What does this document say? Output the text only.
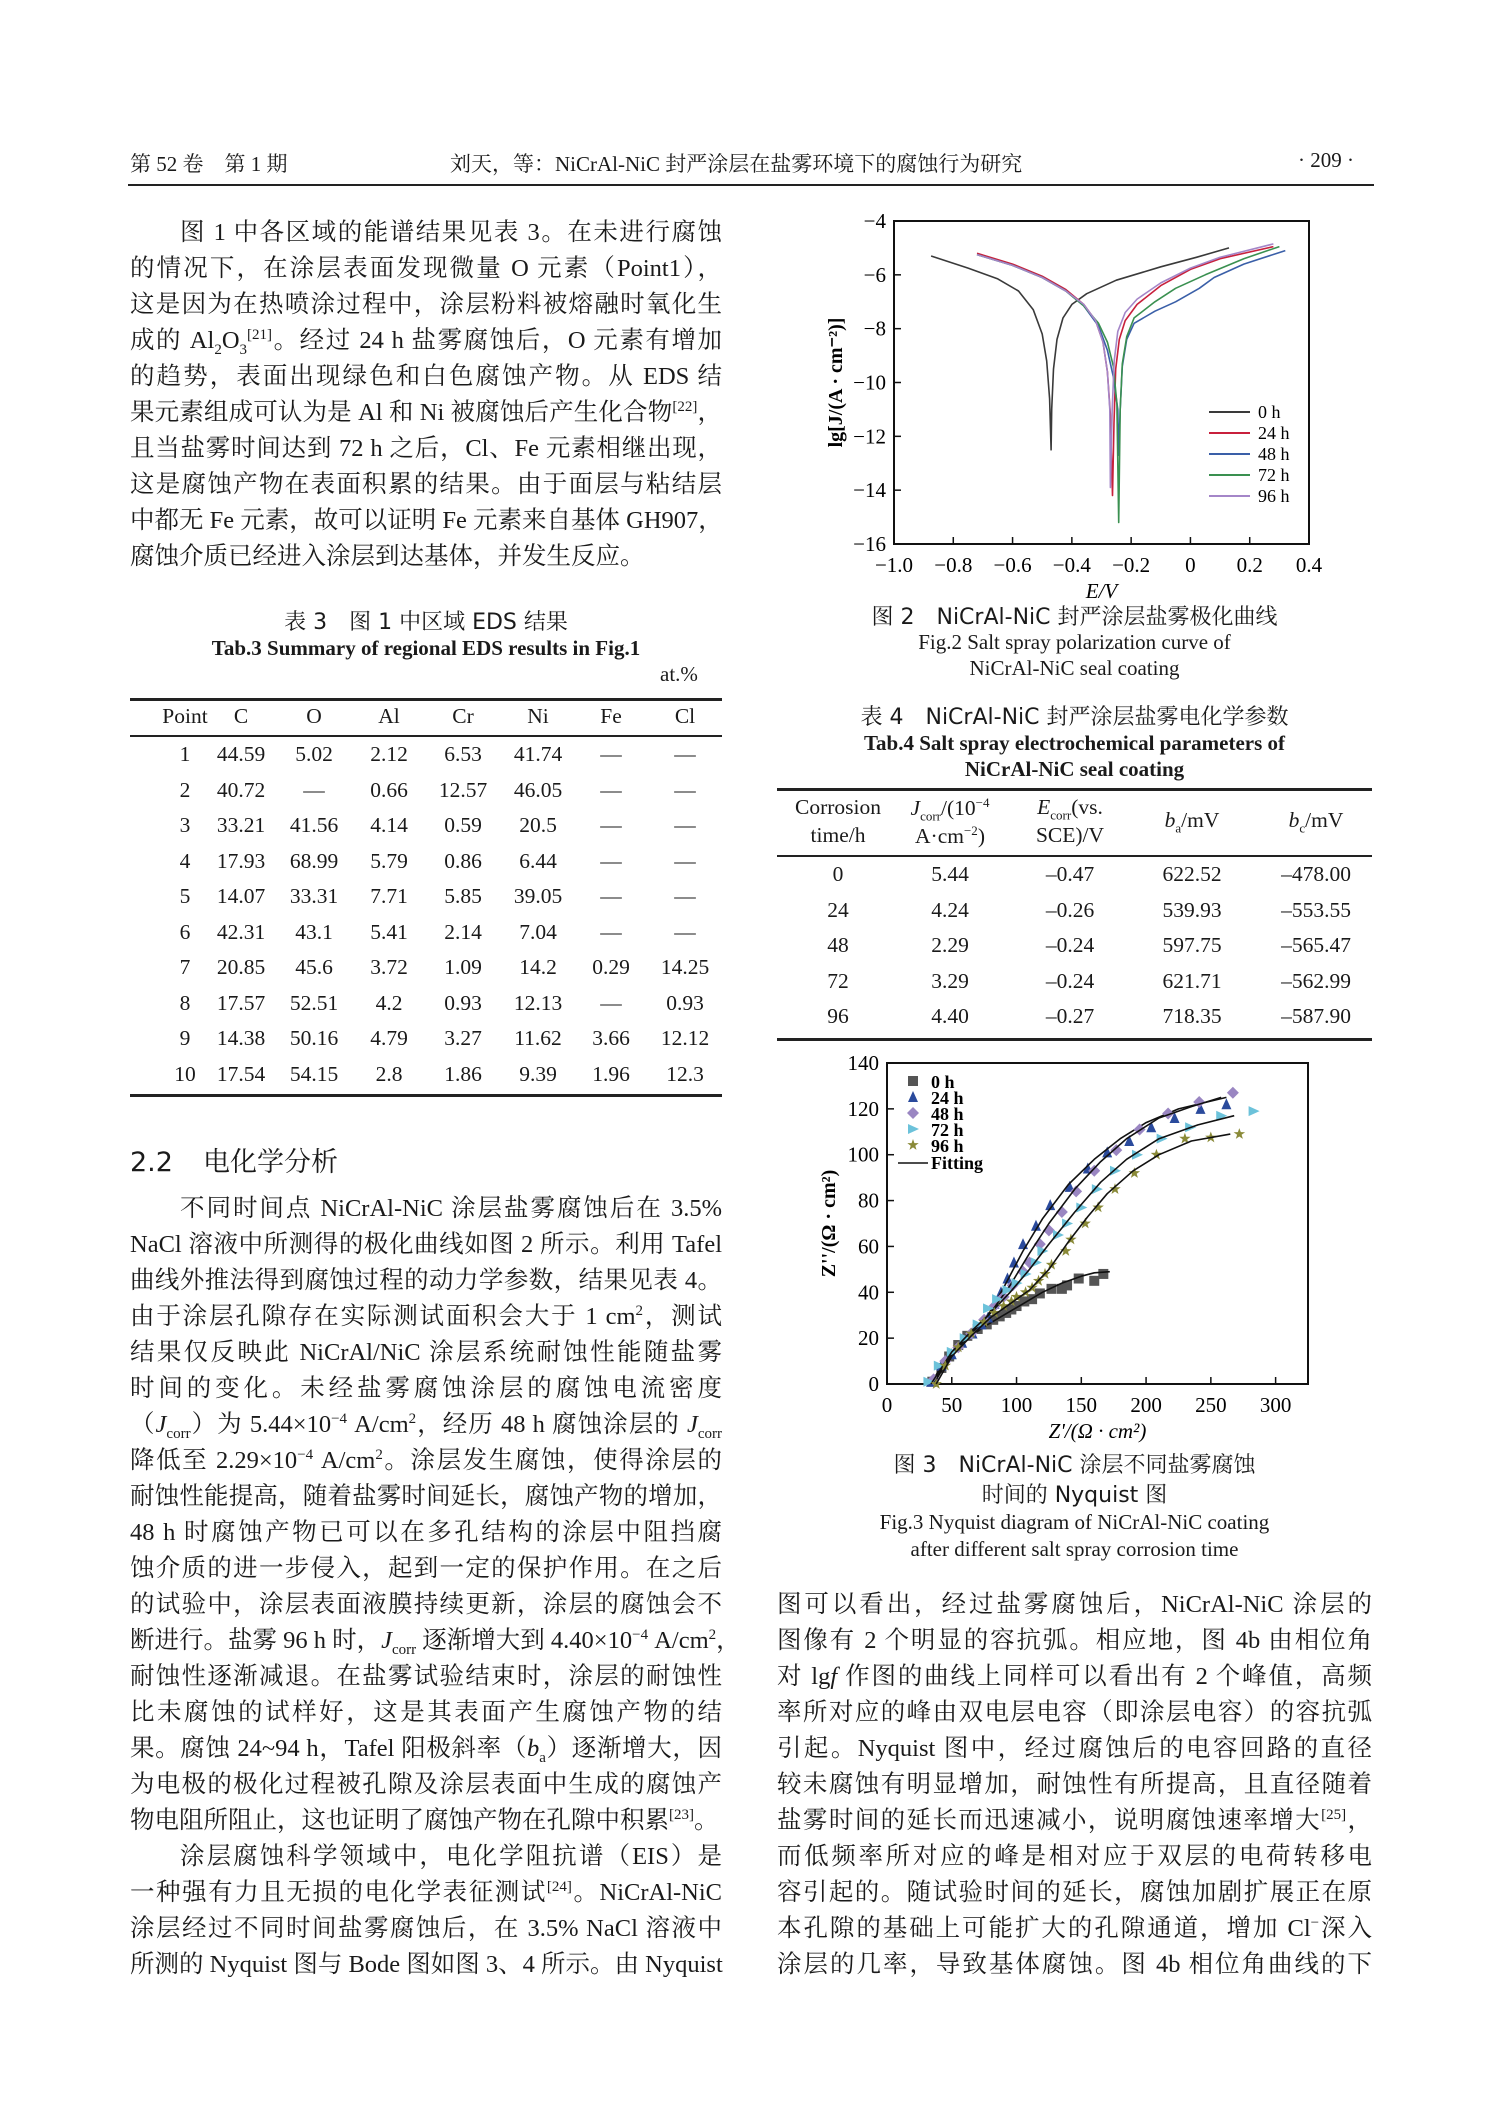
第 52 卷　 第 1 期	刘天，等：NiCrAl-NiC 封严涂层在盐雾环境下的腐蚀行为研究	· 209 ·
图 1 中各区域的能谱结果见表 3。在未进行腐蚀
的情况下，在涂层表面发现微量 O 元素（Point1），
这是因为在热喷涂过程中，涂层粉料被熔融时氧化生
成的 $Al_2O_3[21]$。经过 24 h 盐雾腐蚀后，O 元素有增加
的趋势，表面出现绿色和白色腐蚀产物。从 EDS 结
果元素组成可认为是 Al 和 Ni 被腐蚀后产生化合物[22]，
且当盐雾时间达到 72 h 之后，Cl、Fe 元素相继出现，
这是腐蚀产物在表面积累的结果。由于面层与粘结层
中都无 Fe 元素，故可以证明 Fe 元素来自基体 GH907，
腐蚀介质已经进入涂层到达基体，并发生反应。
不同时间点 NiCrAl-NiC 涂层盐雾腐蚀后在 3.5%
NaCl 溶液中所测得的极化曲线如图 2 所示。利用 Tafel
曲线外推法得到腐蚀过程的动力学参数，结果见表 4。
由于涂层孔隙存在实际测试面积会大于 1 $cm^2$，测试
结果仅反映此 NiCrAl/NiC 涂层系统耐蚀性能随盐雾
时间的变化。未经盐雾腐蚀涂层的腐蚀电流密度
$(J_{corr})$为 $5.44\times 10^{-4}$ $A/cm^2$，经历 48 h 腐蚀涂层的 $J_{corr}$
降低至 $2.29\times 10^{-4}$ $A/cm^2$。涂层发生腐蚀，使得涂层的
耐蚀性能提高，随着盐雾时间延长，腐蚀产物的增加，
48 h 时腐蚀产物已可以在多孔结构的涂层中阻挡腐
蚀介质的进一步侵入，起到一定的保护作用。在之后
的试验中，涂层表面液膜持续更新，涂层的腐蚀会不
断进行。盐雾 96 h 时，$J_{corr}$ 逐渐增大到 $4.40\times 10^{-4}$ $A/cm^2$，
耐蚀性逐渐减退。在盐雾试验结束时，涂层的耐蚀性
比未腐蚀的试样好，这是其表面产生腐蚀产物的结
果。腐蚀 24~94 h，Tafel 阳极斜率$(b_a)$逐渐增大，因
为电极的极化过程被孔隙及涂层表面中生成的腐蚀产
物电阻所阻止，这也证明了腐蚀产物在孔隙中积累[23]。
涂层腐蚀科学领域中，电化学阻抗谱（EIS）是
一种强有力且无损的电化学表征测试[24]。NiCrAl-NiC
涂层经过不同时间盐雾腐蚀后，在 3.5% NaCl 溶液中
所测的 Nyquist 图与 Bode 图如图 3、4 所示。由 Nyquist
图可以看出，经过盐雾腐蚀后，NiCrAl-NiC 涂层的
图像有 2 个明显的容抗弧。相应地，图 4b 由相位角
对 lgf 作图的曲线上同样可以看出有 2 个峰值，高频
率所对应的峰由双电层电容（即涂层电容）的容抗弧
引起。Nyquist 图中，经过腐蚀后的电容回路的直径
较未腐蚀有明显增加，耐蚀性有所提高，且直径随着
盐雾时间的延长而迅速减小，说明腐蚀速率增大[25]，
而低频率所对应的峰是相对应于双层的电荷转移电
容引起的。随试验时间的延长，腐蚀加剧扩展正在原
本孔隙的基础上可能扩大的孔隙通道，增加 Cl−深入
涂层的几率，导致基体腐蚀。图 4b 相位角曲线的下
表 3　图 1 中区域 EDS 结果
Tab.3 Summary of regional EDS results in Fig.1
at.%
Point	C	O	Al	Cr	Ni	Fe	Cl
1	44.59	5.02	2.12	6.53	41.74	—	—
2	40.72	—	0.66	12.57	46.05	—	—
3	33.21	41.56	4.14	0.59	20.5	—	—
4	17.93	68.99	5.79	0.86	6.44	—	—
5	14.07	33.31	7.71	5.85	39.05	—	—
6	42.31	43.1	5.41	2.14	7.04	—	—
7	20.85	45.6	3.72	1.09	14.2	0.29	14.25
8	17.57	52.51	4.2	0.93	12.13	—	0.93
9	14.38	50.16	4.79	3.27	11.62	3.66	12.12
10 17.54	54.15	2.8	1.86	9.39	1.96	12.3
2.2 电化学分析
−1.0 −0.8 −0.6 −0.4 −0.2 0 0.2 0.4
−16
−14
−12
−10
−8
−6
−4
E/V
lg[J/(A · cm⁻²)]	0 h
24 h
48 h
72 h
96 h
图 2　NiCrAl-NiC 封严涂层盐雾极化曲线
Fig.2 Salt spray polarization curve of
NiCrAl-NiC seal coating
表 4　NiCrAl-NiC 封严涂层盐雾电化学参数
Tab.4 Salt spray electrochemical parameters of
NiCrAl-NiC seal coating
Corrosion
time/h
$J_{corr}/(10^{-4}$
$A\cdot cm^{-2}$)
$E_{corr}(vs$.
SCE)/V
$b_a/mV$	$b_c/mV$
0	5.44	–0.47	622.52	–478.00
24	4.24	–0.26	539.93	–553.55
48	2.29	–0.24	597.75	–565.47
72	3.29	–0.24	621.71	–562.99
96	4.40	–0.27	718.35	–587.90
0 50 100 150 200 250 300
0
20
40
60
80
100
120
140
Z'/(Ω · cm²)
Z''/(Ω · cm²)
0 h
24 h
48 h
72 h
96 h
Fitting
图 3　NiCrAl-NiC 涂层不同盐雾腐蚀
时间的 Nyquist 图
Fig.3 Nyquist diagram of NiCrAl-NiC coating
after different salt spray corrosion time
